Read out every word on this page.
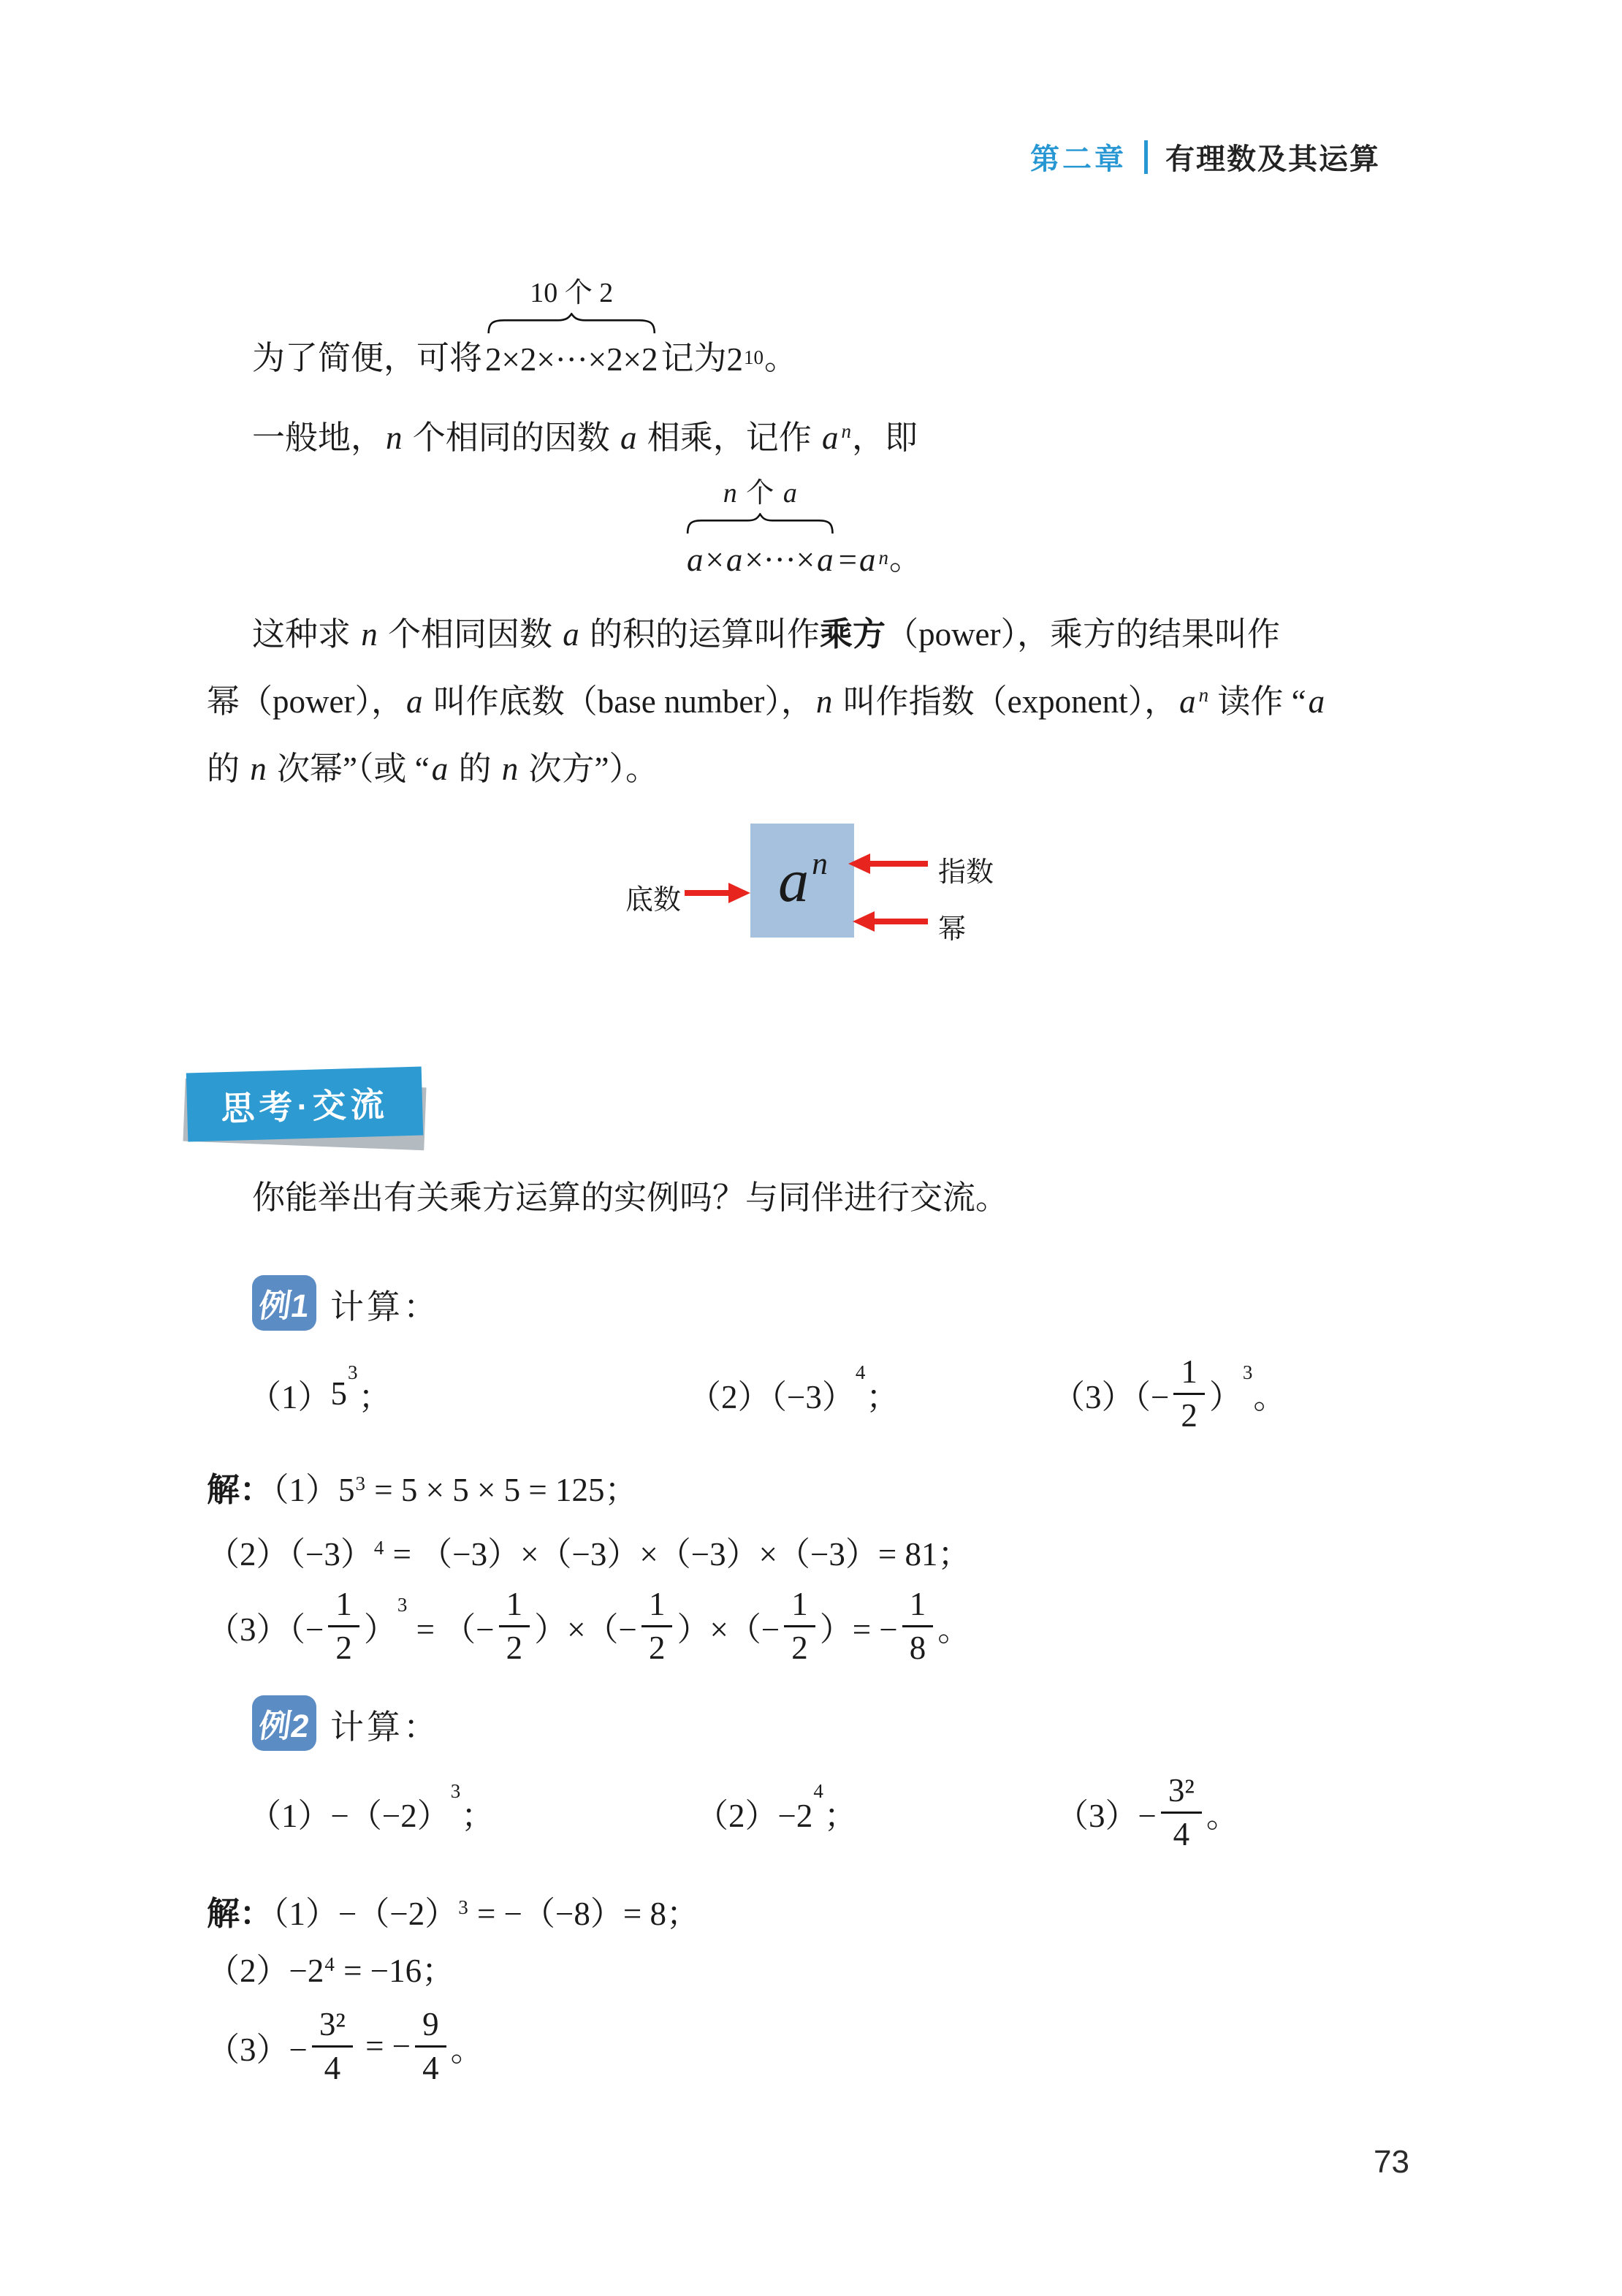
第二章 有理数及其运算
为了简便，可将
10 个 2
2×2×···×2×2 记为 2 10 。
一般地，n 个相同的因数 a 相乘，记作 a $^n$，即
n 个 a
a × a ×···× a = a n 。

这种求 n 个相同因数 a 的积的运算叫作乘方（power），乘方的结果叫作

幂（power），a 叫作底数（base number），n 叫作指数（exponent），a $^n$ 读作 “a

的 n 次幂”（或 “a 的 n 次方”）。

a n
底数
指数
幂
思考·交流
你能举出有关乘方运算的实例吗？与同伴进行交流。
例1 计算：
（1） 5
3
；	（2）（−3）
4
；	$(3)(- \frac{1}{2}$ ）
3
。
解：$(1)5^3 = 5 \times 5 \times 5 = 125$；
$(2)(-3)^4 = (-3)\times(-3)\times(-3)\times(-3)= 81$；
$(3)(- \frac{1}{2}$ ）
3
= （− $\frac{1}{2}$ ）×（− $\frac{1}{2}$ ）×（− $\frac{1}{2}$ ）= − $\frac{1}{8}$ 。
例2 计算：
（1）−（−2）
3
；	（2）−2
4
；	$(3)- \frac{\text{3²}}{4}$ 。
解：$(1)-(-2)^3 = -(-8)= 8$；
$(2)-2^4 = -16$；
$(3)- \frac{\text{3²}}{4}$ = − $\frac{9}{4}$ 。
73
